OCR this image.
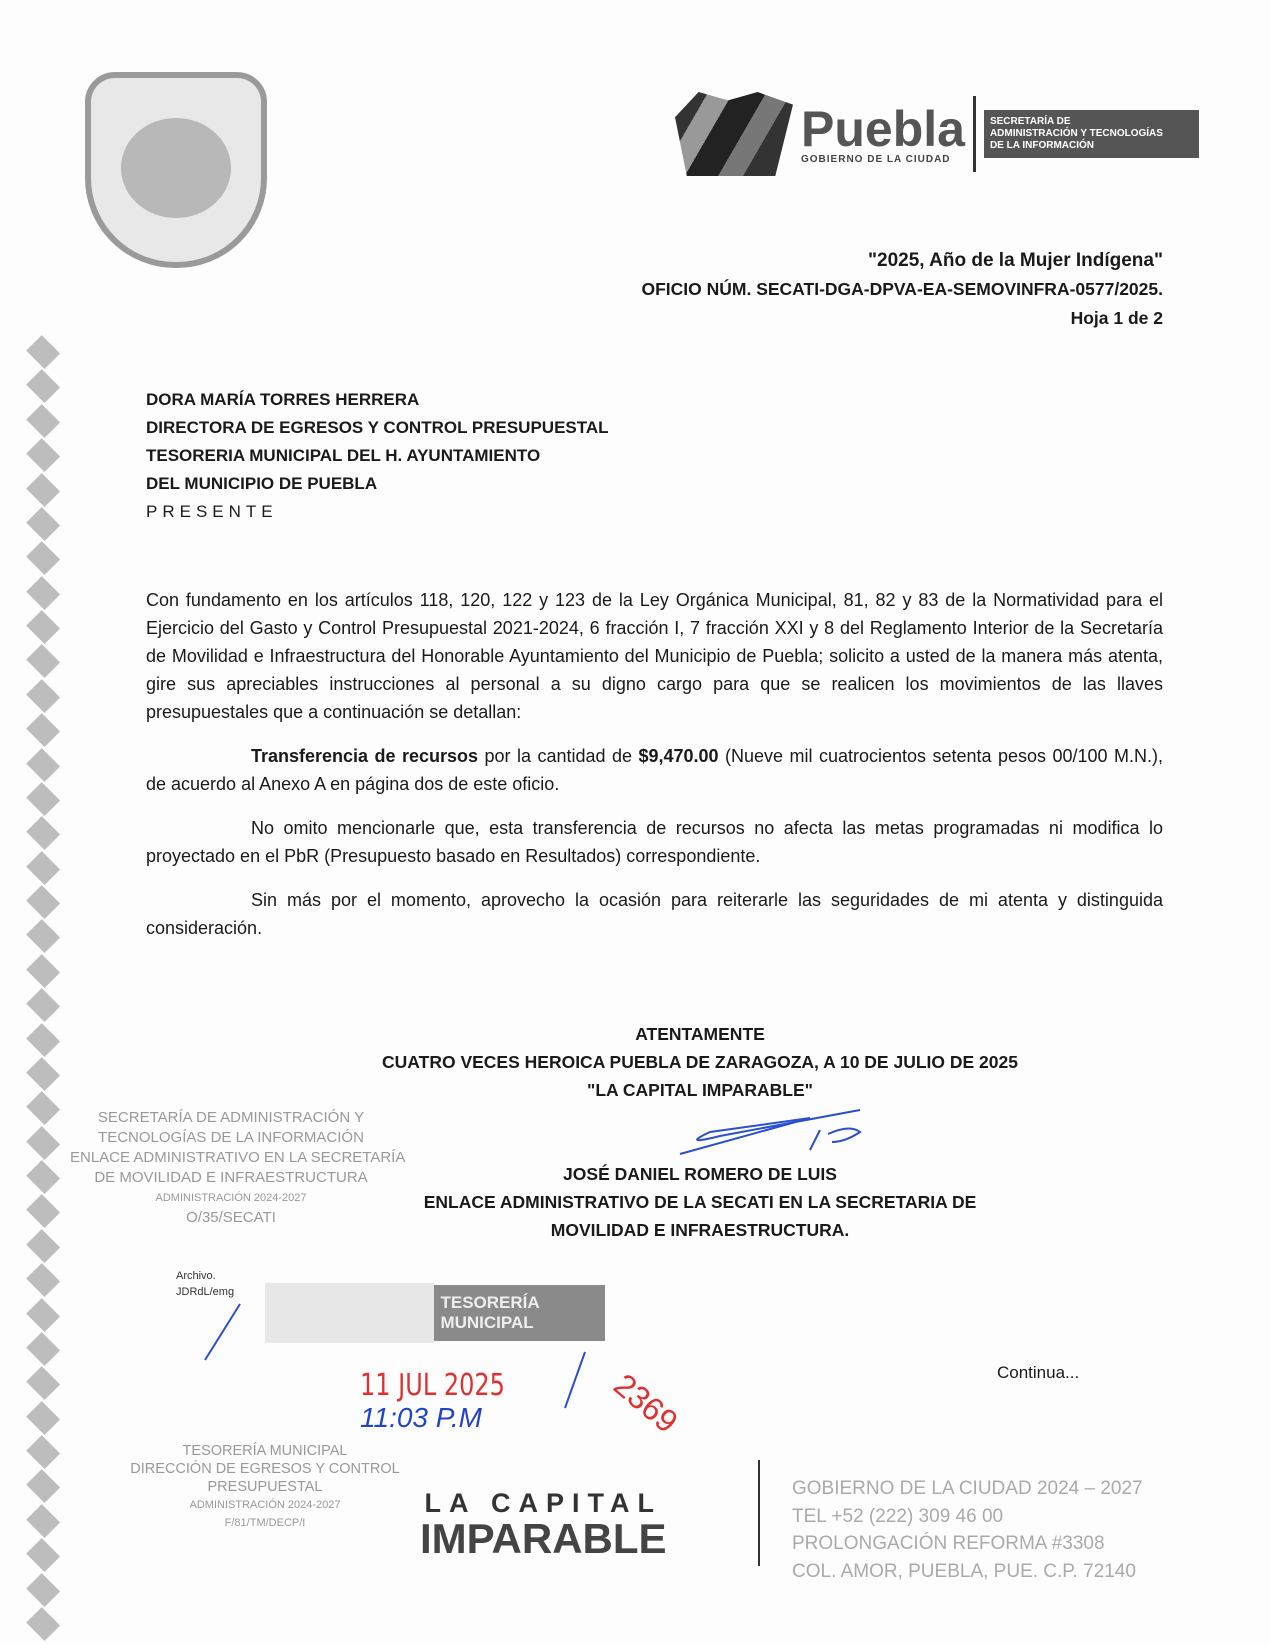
Puebla
GOBIERNO DE LA CIUDAD
SECRETARÍA DE
ADMINISTRACIÓN Y TECNOLOGÍAS
DE LA INFORMACIÓN
"2025, Año de la Mujer Indígena"
OFICIO NÚM. SECATI-DGA-DPVA-EA-SEMOVINFRA-0577/2025.
Hoja 1 de 2
DORA MARÍA TORRES HERRERA
DIRECTORA DE EGRESOS Y CONTROL PRESUPUESTAL
TESORERIA MUNICIPAL DEL H. AYUNTAMIENTO
DEL MUNICIPIO DE PUEBLA
PRESENTE
Con fundamento en los artículos 118, 120, 122 y 123 de la Ley Orgánica Municipal, 81, 82 y 83 de la Normatividad para el Ejercicio del Gasto y Control Presupuestal 2021-2024, 6 fracción I, 7 fracción XXI y 8 del Reglamento Interior de la Secretaría de Movilidad e Infraestructura del Honorable Ayuntamiento del Municipio de Puebla; solicito a usted de la manera más atenta, gire sus apreciables instrucciones al personal a su digno cargo para que se realicen los movimientos de las llaves presupuestales que a continuación se detallan:
Transferencia de recursos por la cantidad de $9,470.00 (Nueve mil cuatrocientos setenta pesos 00/100 M.N.), de acuerdo al Anexo A en página dos de este oficio.
No omito mencionarle que, esta transferencia de recursos no afecta las metas programadas ni modifica lo proyectado en el PbR (Presupuesto basado en Resultados) correspondiente.
Sin más por el momento, aprovecho la ocasión para reiterarle las seguridades de mi atenta y distinguida consideración.
SECRETARÍA DE ADMINISTRACIÓN Y
TECNOLOGÍAS DE LA INFORMACIÓN
ENLACE ADMINISTRATIVO EN LA SECRETARÍA
DE MOVILIDAD E INFRAESTRUCTURA
ADMINISTRACIÓN 2024-2027
O/35/SECATI
ATENTAMENTE
CUATRO VECES HEROICA PUEBLA DE ZARAGOZA, A 10 DE JULIO DE 2025
"LA CAPITAL IMPARABLE"
JOSÉ DANIEL ROMERO DE LUIS
ENLACE ADMINISTRATIVO DE LA SECATI EN LA SECRETARIA DE
MOVILIDAD E INFRAESTRUCTURA.
Archivo.
JDRdL/emg
TESORERÍA MUNICIPAL
11 JUL 2025
11:03 P.M	2369
TESORERÍA MUNICIPAL
DIRECCIÓN DE EGRESOS Y CONTROL
PRESUPUESTAL
ADMINISTRACIÓN 2024-2027
F/81/TM/DECP/I
Continua...
LA CAPITAL
IMPARABLE
GOBIERNO DE LA CIUDAD 2024 – 2027
TEL +52 (222) 309 46 00
PROLONGACIÓN REFORMA #3308
COL. AMOR, PUEBLA, PUE. C.P. 72140
